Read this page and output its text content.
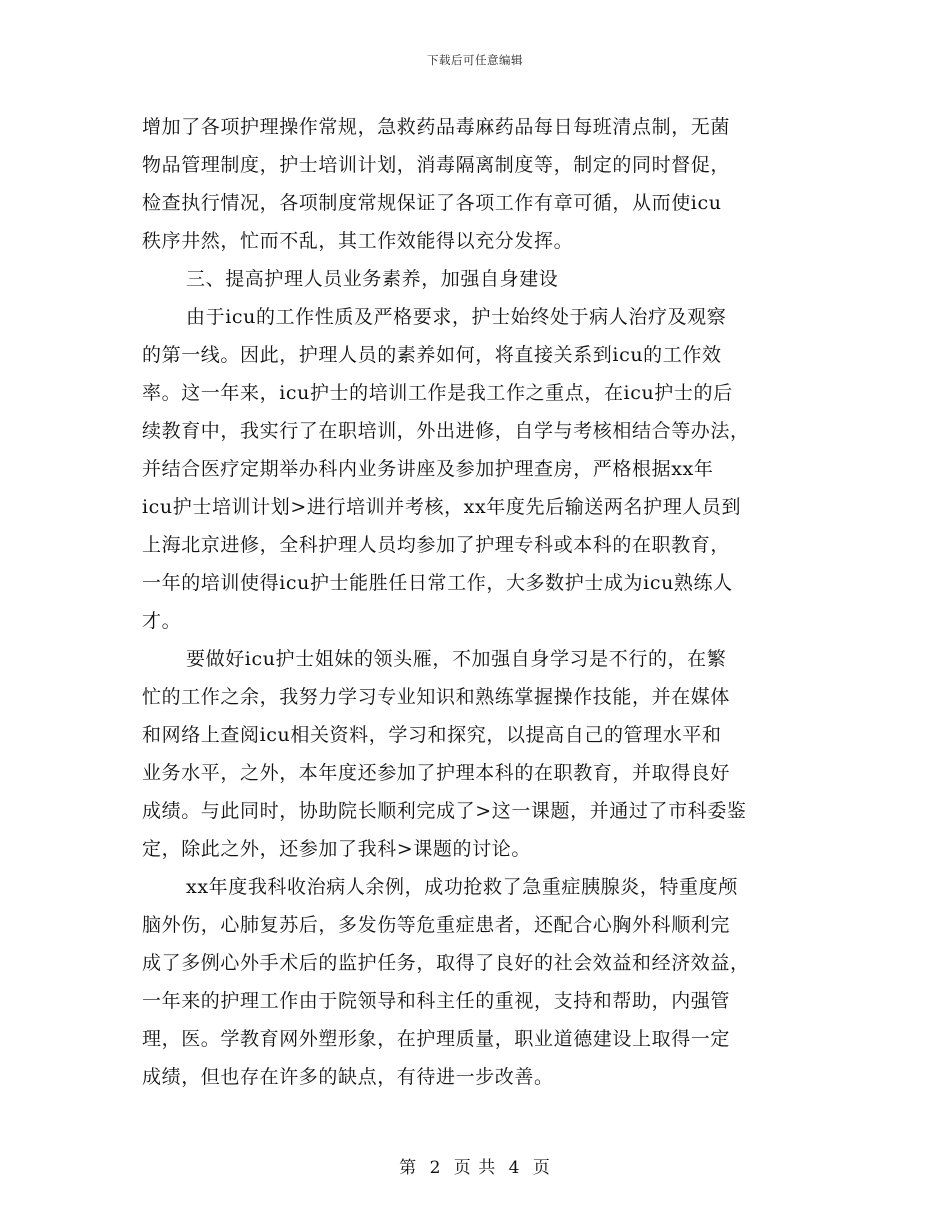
下载后可任意编辑
增加了各项护理操作常规，急救药品毒麻药品每日每班清点制，无菌
物品管理制度，护士培训计划，消毒隔离制度等，制定的同时督促，
检查执行情况，各项制度常规保证了各项工作有章可循，从而使icu
秩序井然，忙而不乱，其工作效能得以充分发挥。
三、提高护理人员业务素养，加强自身建设
由于icu的工作性质及严格要求，护士始终处于病人治疗及观察
的第一线。因此，护理人员的素养如何，将直接关系到icu的工作效
率。这一年来，icu护士的培训工作是我工作之重点，在icu护士的后
续教育中，我实行了在职培训，外出进修，自学与考核相结合等办法，
并结合医疗定期举办科内业务讲座及参加护理查房，严格根据xx年
icu护士培训计划>进行培训并考核，xx年度先后输送两名护理人员到
上海北京进修，全科护理人员均参加了护理专科或本科的在职教育，
一年的培训使得icu护士能胜任日常工作，大多数护士成为icu熟练人
才。
要做好icu护士姐妹的领头雁，不加强自身学习是不行的，在繁
忙的工作之余，我努力学习专业知识和熟练掌握操作技能，并在媒体
和网络上查阅icu相关资料，学习和探究，以提高自己的管理水平和
业务水平，之外，本年度还参加了护理本科的在职教育，并取得良好
成绩。与此同时，协助院长顺利完成了>这一课题，并通过了市科委鉴
定，除此之外，还参加了我科>课题的讨论。
xx年度我科收治病人余例，成功抢救了急重症胰腺炎，特重度颅
脑外伤，心肺复苏后，多发伤等危重症患者，还配合心胸外科顺利完
成了多例心外手术后的监护任务，取得了良好的社会效益和经济效益，
一年来的护理工作由于院领导和科主任的重视，支持和帮助，内强管
理，医。学教育网外塑形象，在护理质量，职业道德建设上取得一定
成绩，但也存在许多的缺点，有待进一步改善。
第 2 页 共 4 页
